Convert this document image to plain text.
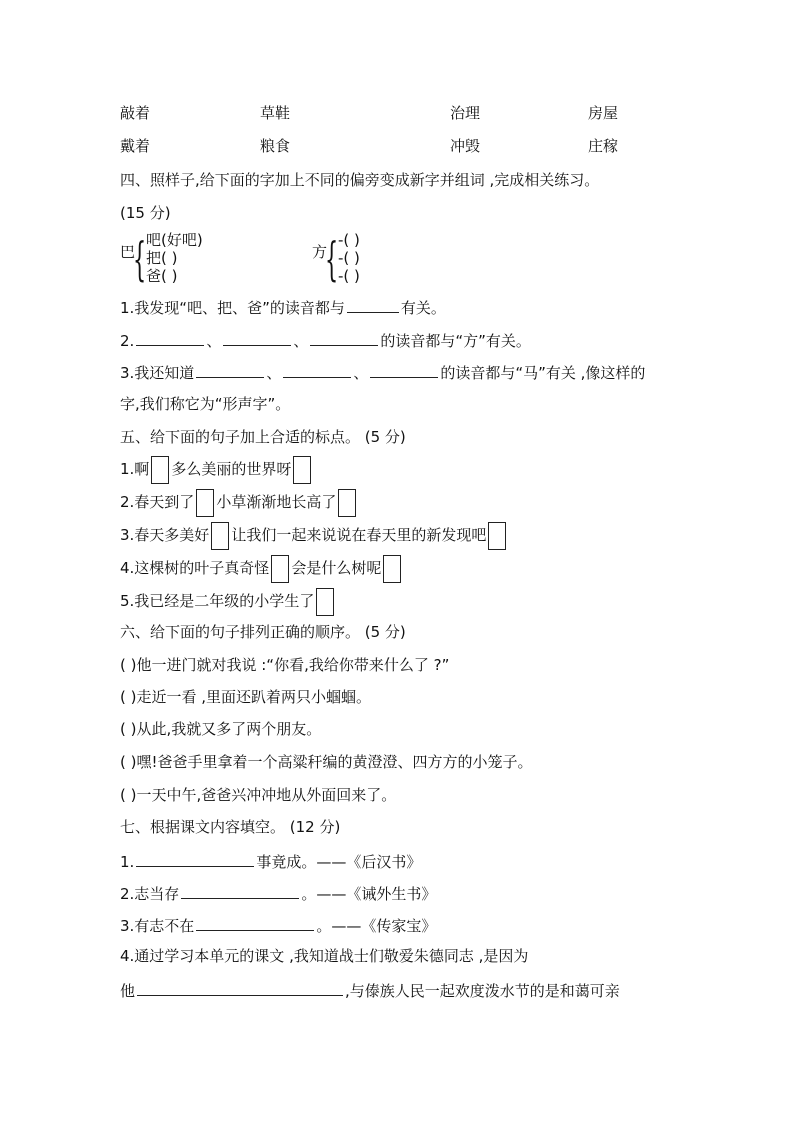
敲着	草鞋	治理	房屋
戴着	粮食	冲毁	庄稼
四、照样子,给下面的字加上不同的偏旁变成新字并组词 ,完成相关练习。
(15 分)
巴
{ 吧(好吧)
把( )
爸( )
方
{ -( )
-( )
-( )
1.我发现“吧、把、爸”的读音都与	有关。
2.	、	、	的读音都与“方”有关。
3.我还知道	、	、	的读音都与“马”有关 ,像这样的
字,我们称它为“形声字”。
五、给下面的句子加上合适的标点。 (5 分)
1.啊 多么美丽的世界呀
2.春天到了 小草渐渐地长高了
3.春天多美好 让我们一起来说说在春天里的新发现吧
4.这棵树的叶子真奇怪 会是什么树呢
5.我已经是二年级的小学生了
六、给下面的句子排列正确的顺序。 (5 分)
( )他一进门就对我说 :“你看,我给你带来什么了 ?”
( )走近一看 ,里面还趴着两只小蝈蝈。
( )从此,我就又多了两个朋友。
( )嘿!爸爸手里拿着一个高粱秆编的黄澄澄、四方方的小笼子。
( )一天中午,爸爸兴冲冲地从外面回来了。
七、根据课文内容填空。 (12 分)
1.	事竟成。——《后汉书》
2.志当存	。——《诫外生书》
3.有志不在	。——《传家宝》
4.通过学习本单元的课文 ,我知道战士们敬爱朱德同志 ,是因为
他	,与傣族人民一起欢度泼水节的是和蔼可亲
